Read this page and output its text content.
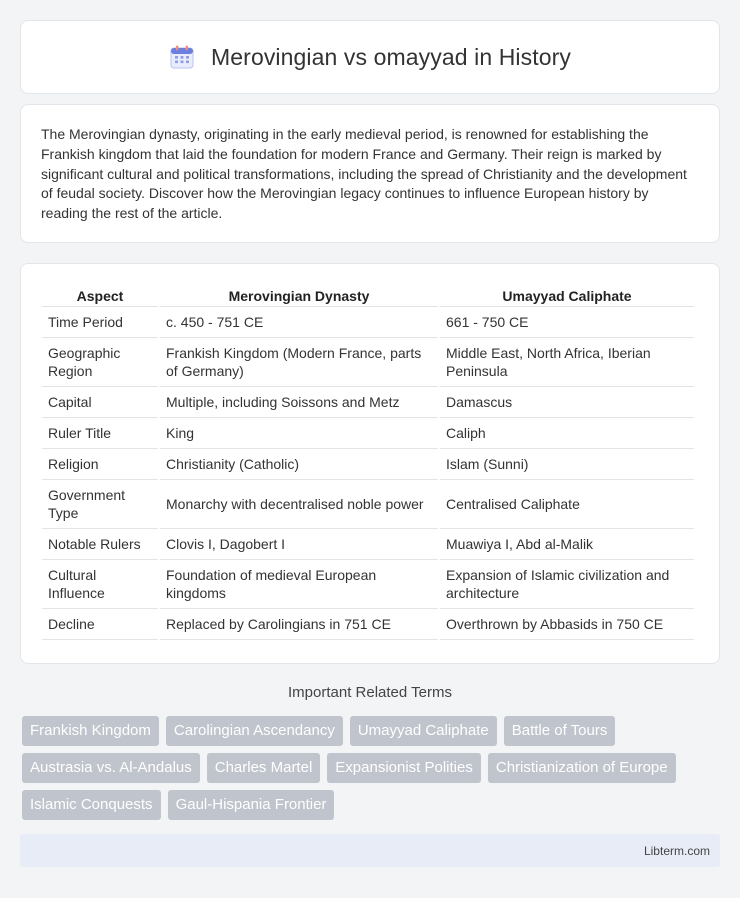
Merovingian vs omayyad in History

The Merovingian dynasty, originating in the early medieval period, is renowned for establishing the Frankish kingdom that laid the foundation for modern France and Germany. Their reign is marked by significant cultural and political transformations, including the spread of Christianity and the development of feudal society. Discover how the Merovingian legacy continues to influence European history by reading the rest of the article.

Aspect	Merovingian Dynasty	Umayyad Caliphate
Time Period	c. 450 - 751 CE	661 - 750 CE
Geographic Region	Frankish Kingdom (Modern France, parts of Germany)	Middle East, North Africa, Iberian Peninsula
Capital	Multiple, including Soissons and Metz	Damascus
Ruler Title	King	Caliph
Religion	Christianity (Catholic)	Islam (Sunni)
Government Type	Monarchy with decentralised noble power	Centralised Caliphate
Notable Rulers	Clovis I, Dagobert I	Muawiya I, Abd al-Malik
Cultural Influence	Foundation of medieval European kingdoms	Expansion of Islamic civilization and architecture
Decline	Replaced by Carolingians in 751 CE	Overthrown by Abbasids in 750 CE
Important Related Terms
Frankish Kingdom	Carolingian Ascendancy	Umayyad Caliphate	Battle of Tours
Austrasia vs. Al-Andalus	Charles Martel	Expansionist Polities	Christianization of Europe
Islamic Conquests	Gaul-Hispania Frontier
Libterm.com
